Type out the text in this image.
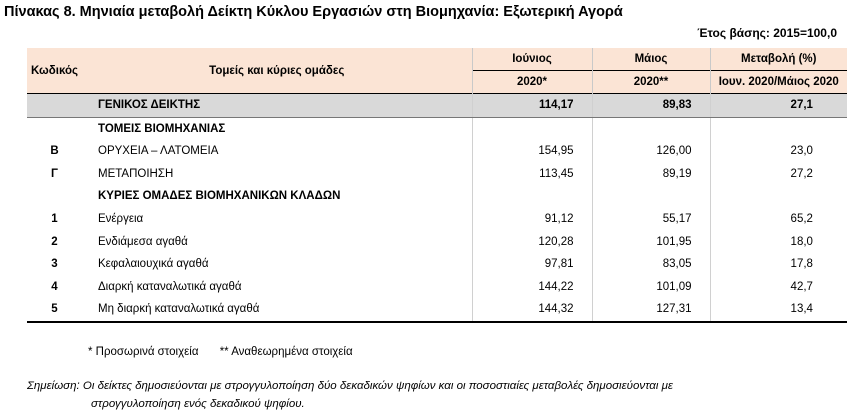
Πίνακας 8. Μηνιαία μεταβολή Δείκτη Κύκλου Εργασιών στη Βιομηχανία: Εξωτερική Αγορά
Έτος βάσης: 2015=100,0
Κωδικός	Τομείς και κύριες ομάδες	Ιούνιος	Μάιος	Μεταβολή (%)
		2020*	2020**	Ιουν. 2020/Μάιος 2020
	ΓΕΝΙΚΟΣ ΔΕΙΚΤΗΣ	114,17	89,83	27,1
	ΤΟΜΕΙΣ ΒΙΟΜΗΧΑΝΙΑΣ			
Β	ΟΡΥΧΕΙΑ – ΛΑΤΟΜΕΙΑ	154,95	126,00	23,0
Γ	ΜΕΤΑΠΟΙΗΣΗ	113,45	89,19	27,2
	ΚΥΡΙΕΣ ΟΜΑΔΕΣ ΒΙΟΜΗΧΑΝΙΚΩΝ ΚΛΑΔΩΝ			
1	Ενέργεια	91,12	55,17	65,2
2	Ενδιάμεσα αγαθά	120,28	101,95	18,0
3	Κεφαλαιουχικά αγαθά	97,81	83,05	17,8
4	Διαρκή καταναλωτικά αγαθά	144,22	101,09	42,7
5	Μη διαρκή καταναλωτικά αγαθά	144,32	127,31	13,4
* Προσωρινά στοιχεία ** Αναθεωρημένα στοιχεία
Σημείωση: Οι δείκτες δημοσιεύονται με στρογγυλοποίηση δύο δεκαδικών ψηφίων και οι ποσοστιαίες μεταβολές δημοσιεύονται με
στρογγυλοποίηση ενός δεκαδικού ψηφίου.
